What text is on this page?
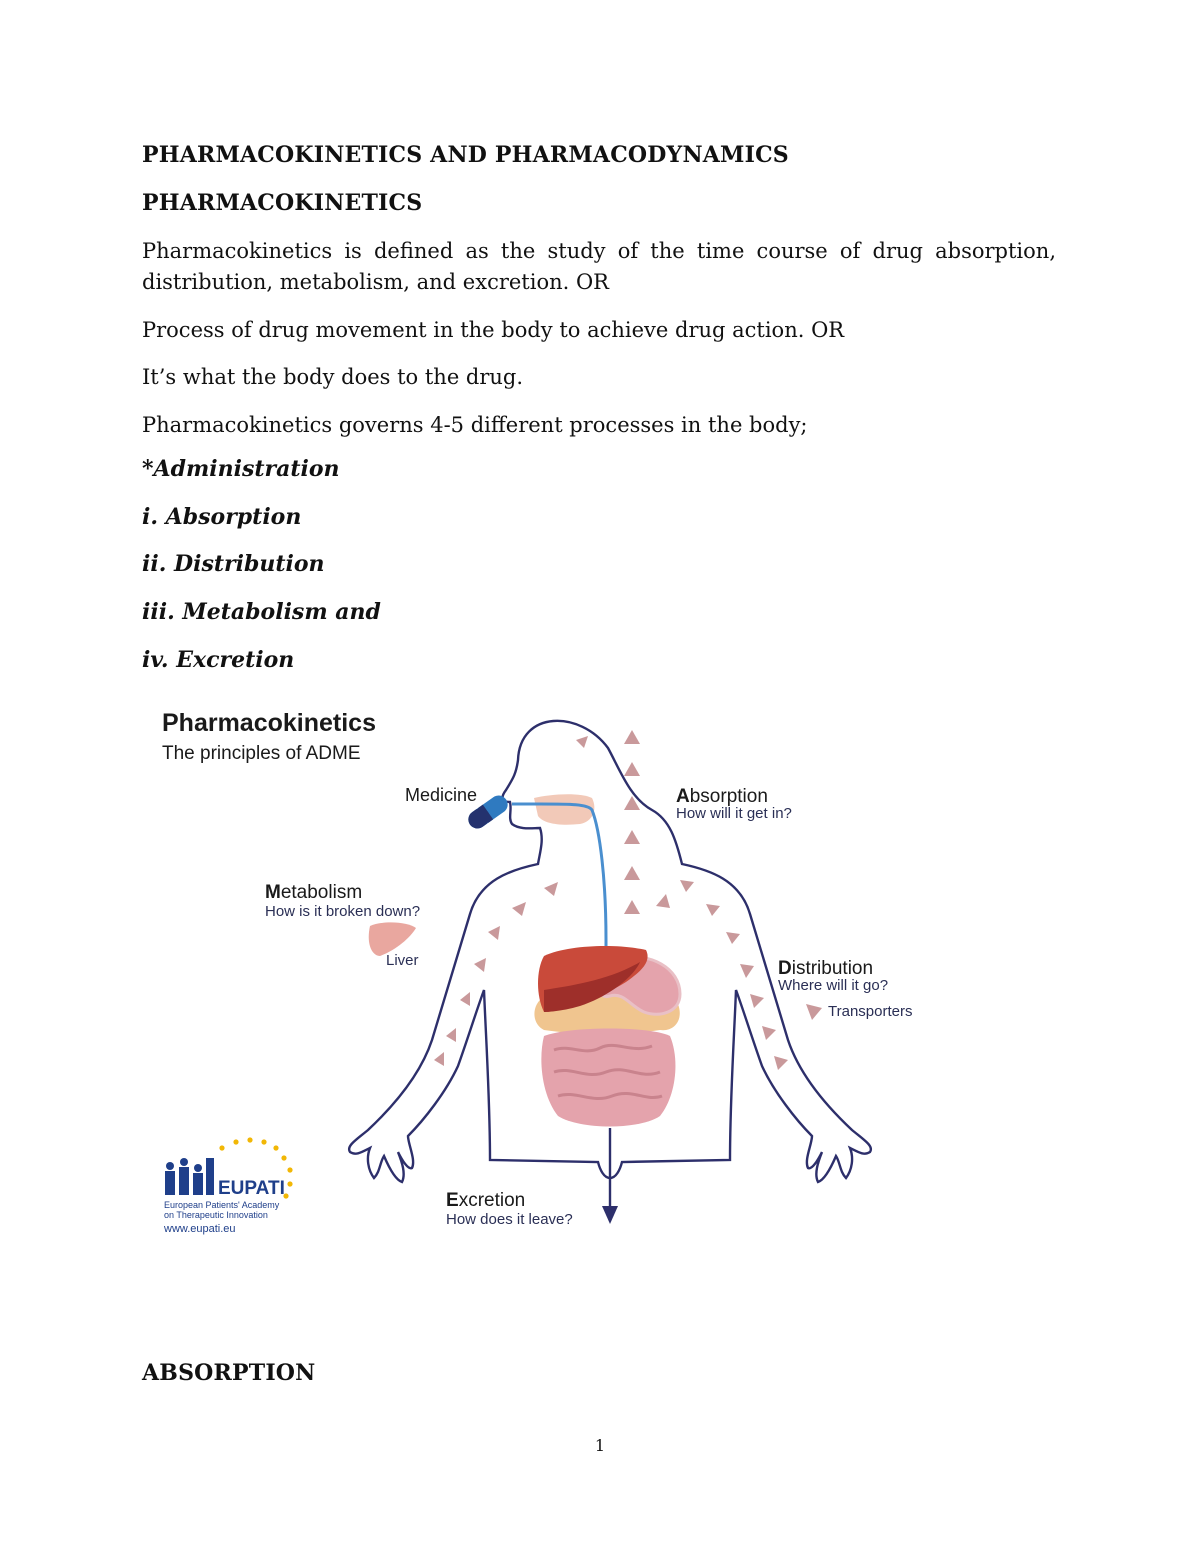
PHARMACOKINETICS AND PHARMACODYNAMICS
PHARMACOKINETICS
Pharmacokinetics is defined as the study of the time course of drug absorption, distribution, metabolism, and excretion. OR
Process of drug movement in the body to achieve drug action. OR
It’s what the body does to the drug.
Pharmacokinetics governs 4-5 different processes in the body;
*Administration
i. Absorption
ii. Distribution
iii. Metabolism and
iv. Excretion
Pharmacokinetics
The principles of ADME
Medicine	Absorption
How will it get in?
Metabolism
How is it broken down?
Liver	Distribution
Where will it go?
Transporters
Excretion
How does it leave?
EUPATI
European Patients' Academy
on Therapeutic Innovation
www.eupati.eu
ABSORPTION
1
